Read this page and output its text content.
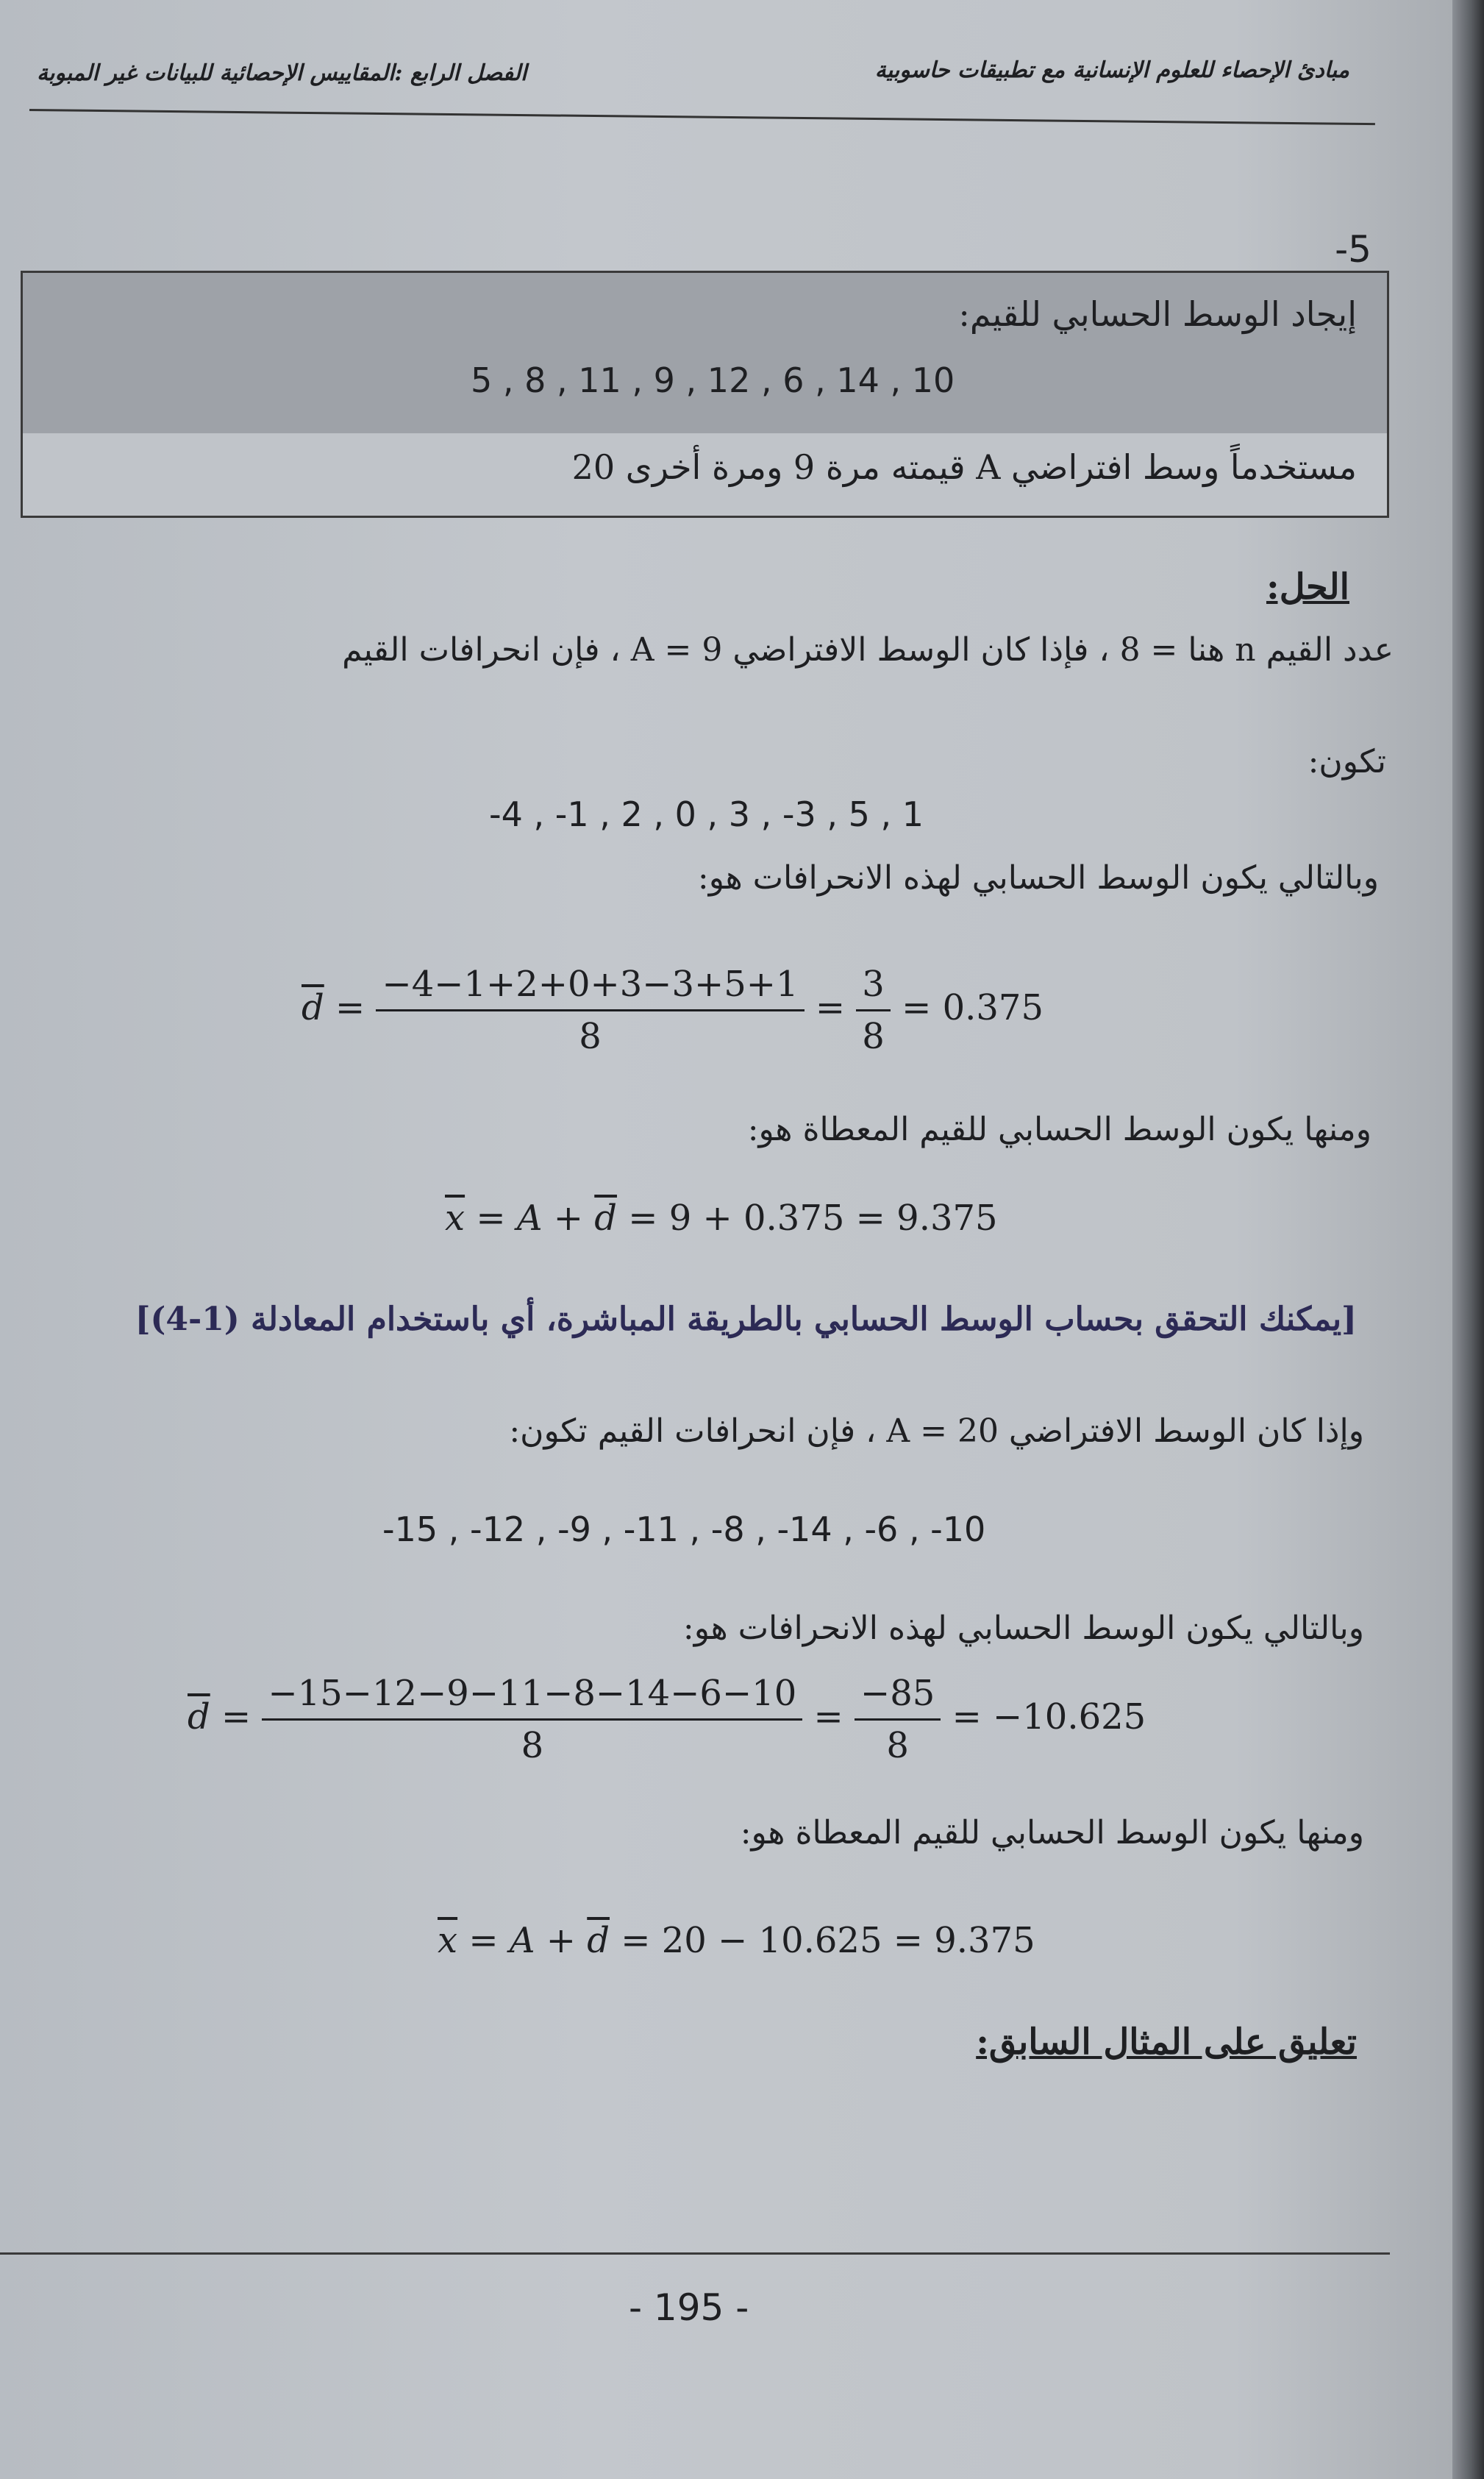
مبادئ الإحصاء للعلوم الإنسانية مع تطبيقات حاسوبية
الفصل الرابع :المقاييس الإحصائية للبيانات غير المبوبة
-5
إيجاد الوسط الحسابي للقيم:
5 , 8 , 11 , 9 , 12 , 6 , 14 , 10
مستخدماً وسط افتراضي A قيمته مرة 9 ومرة أخرى 20
الحل:
عدد القيم n هنا = 8 ، فإذا كان الوسط الافتراضي A = 9 ، فإن انحرافات القيم
تكون:
-4 , -1 , 2 , 0 , 3 , -3 , 5 , 1
وبالتالي يكون الوسط الحسابي لهذه الانحرافات هو:
$\overline{d} = \frac{-4-1+2+0+3-3+5+1}{8} = \frac{3}{8} = 0.375$
ومنها يكون الوسط الحسابي للقيم المعطاة هو:
$\overline{x} = A + \overline{d} = 9 + 0.375 = 9.375$
[يمكنك التحقق بحساب الوسط الحسابي بالطريقة المباشرة، أي باستخدام المعادلة (1-4)]
وإذا كان الوسط الافتراضي A = 20 ، فإن انحرافات القيم تكون:
-15 , -12 , -9 , -11 , -8 , -14 , -6 , -10
وبالتالي يكون الوسط الحسابي لهذه الانحرافات هو:
$\overline{d} = \frac{-15-12-9-11-8-14-6-10}{8} = \frac{-85}{8} = -10.625$
ومنها يكون الوسط الحسابي للقيم المعطاة هو:
$\overline{x} = A + \overline{d} = 20 - 10.625 = 9.375$
تعليق على المثال السابق:
- 195 -
